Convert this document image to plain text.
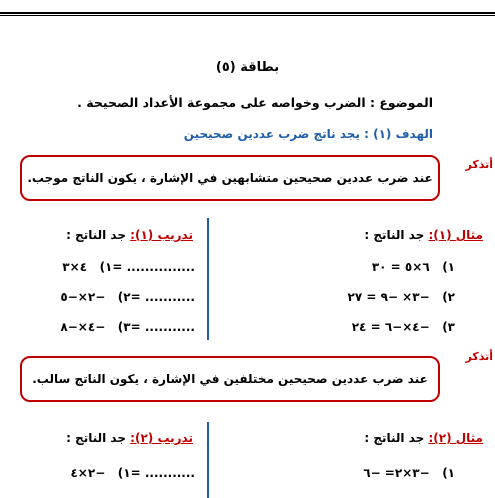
بطاقة (٥)
الموضوع : الضرب وخواصه على مجموعة الأعداد الصحيحة .
الهدف (١) : يجد ناتج ضرب عددين صحيحين
أتذكر
عند ضرب عددين صحيحين متشابهين في الإشارة ، يكون الناتج موجب.
مثال (١): جد الناتج :
تدريب (١): جد الناتج :
١)   ٦×٥ = ٣٠
٢)   −٣× −٩ = ٢٧
٣)   −٤×−٦ = ٢٤
١)   ٤×٣= ...............
٢)   −٢×−٥= ...........
٣)   −٤×−٨= ...........
أتذكر
عند ضرب عددين صحيحين مختلفين في الإشارة ، يكون الناتج سالب.
مثال (٢): جد الناتج :
تدريب (٢): جد الناتج :
١)   −٣×٢= −٦
١)   −٢×٤= ...........
